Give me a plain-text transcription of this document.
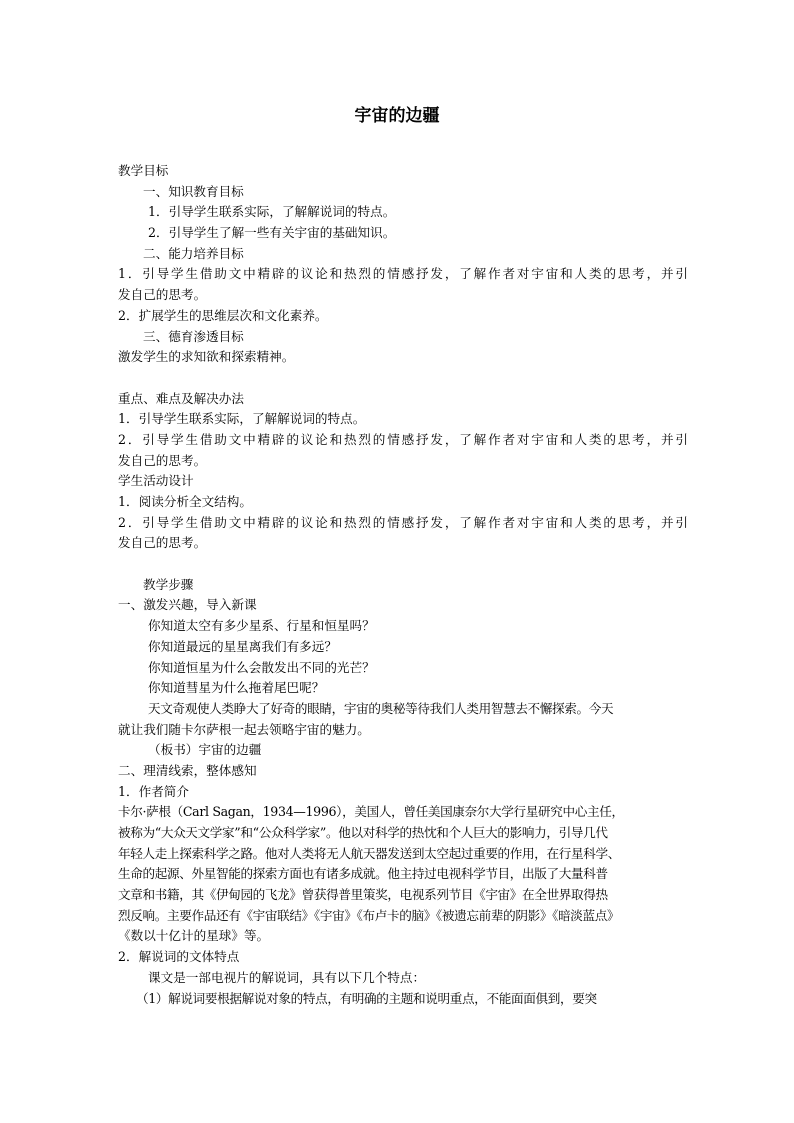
宇宙的边疆
教学目标
一、知识教育目标
1．引导学生联系实际，了解解说词的特点。
2．引导学生了解一些有关宇宙的基础知识。
二、能力培养目标
1．引导学生借助文中精辟的议论和热烈的情感抒发，了解作者对宇宙和人类的思考，并引
发自己的思考。
2．扩展学生的思维层次和文化素养。
三、德育渗透目标
激发学生的求知欲和探索精神。
重点、难点及解决办法
1．引导学生联系实际，了解解说词的特点。
2．引导学生借助文中精辟的议论和热烈的情感抒发，了解作者对宇宙和人类的思考，并引
发自己的思考。
学生活动设计
1．阅读分析全文结构。
2．引导学生借助文中精辟的议论和热烈的情感抒发，了解作者对宇宙和人类的思考，并引
发自己的思考。
教学步骤
一、激发兴趣，导入新课
你知道太空有多少星系、行星和恒星吗？
你知道最远的星星离我们有多远？
你知道恒星为什么会散发出不同的光芒？
你知道彗星为什么拖着尾巴呢？
天文奇观使人类睁大了好奇的眼睛，宇宙的奥秘等待我们人类用智慧去不懈探索。今天
就让我们随卡尔萨根一起去领略宇宙的魅力。
（板书）宇宙的边疆
二、理清线索，整体感知
1．作者简介
卡尔·萨根（Carl Sagan，1934—1996），美国人，曾任美国康奈尔大学行星研究中心主任，
被称为“大众天文学家”和“公众科学家”。他以对科学的热忱和个人巨大的影响力，引导几代
年轻人走上探索科学之路。他对人类将无人航天器发送到太空起过重要的作用，在行星科学、
生命的起源、外星智能的探索方面也有诸多成就。他主持过电视科学节目，出版了大量科普
文章和书籍，其《伊甸园的飞龙》曾获得普里策奖，电视系列节目《宇宙》在全世界取得热
烈反响。主要作品还有《宇宙联结》《宇宙》《布卢卡的脑》《被遗忘前辈的阴影》《暗淡蓝点》
《数以十亿计的星球》等。
2．解说词的文体特点
课文是一部电视片的解说词，具有以下几个特点：
（1）解说词要根据解说对象的特点，有明确的主题和说明重点，不能面面俱到，要突
